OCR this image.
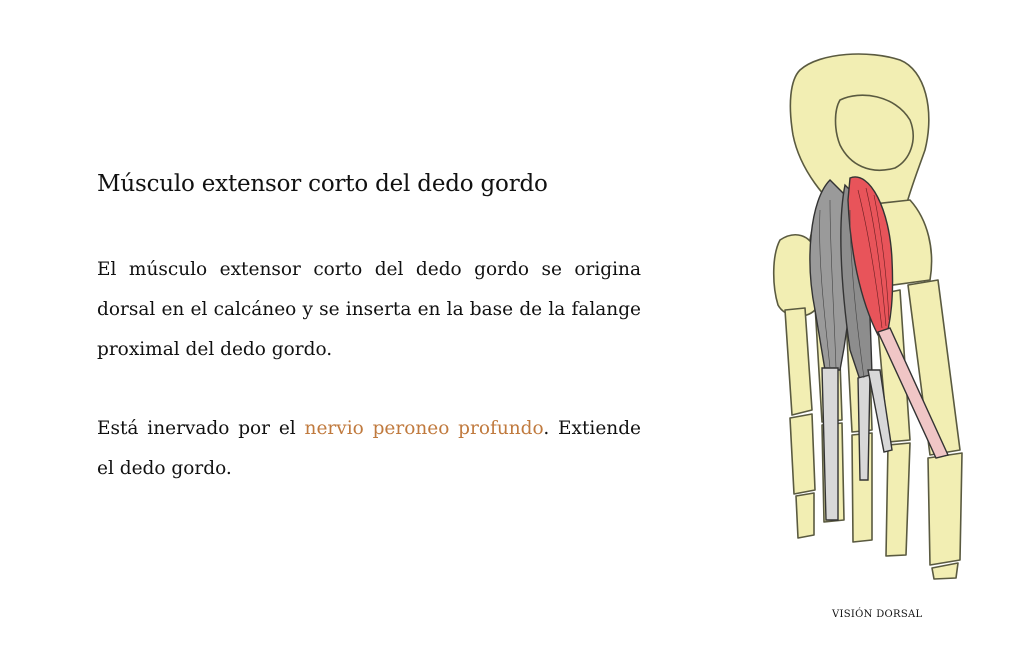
Músculo extensor corto del dedo gordo

El músculo extensor corto del dedo gordo se origina dorsal en el calcáneo y se inserta en la base de la falange proximal del dedo gordo.

Está inervado por el nervio peroneo profundo. Extiende el dedo gordo.

VISIÓN DORSAL
